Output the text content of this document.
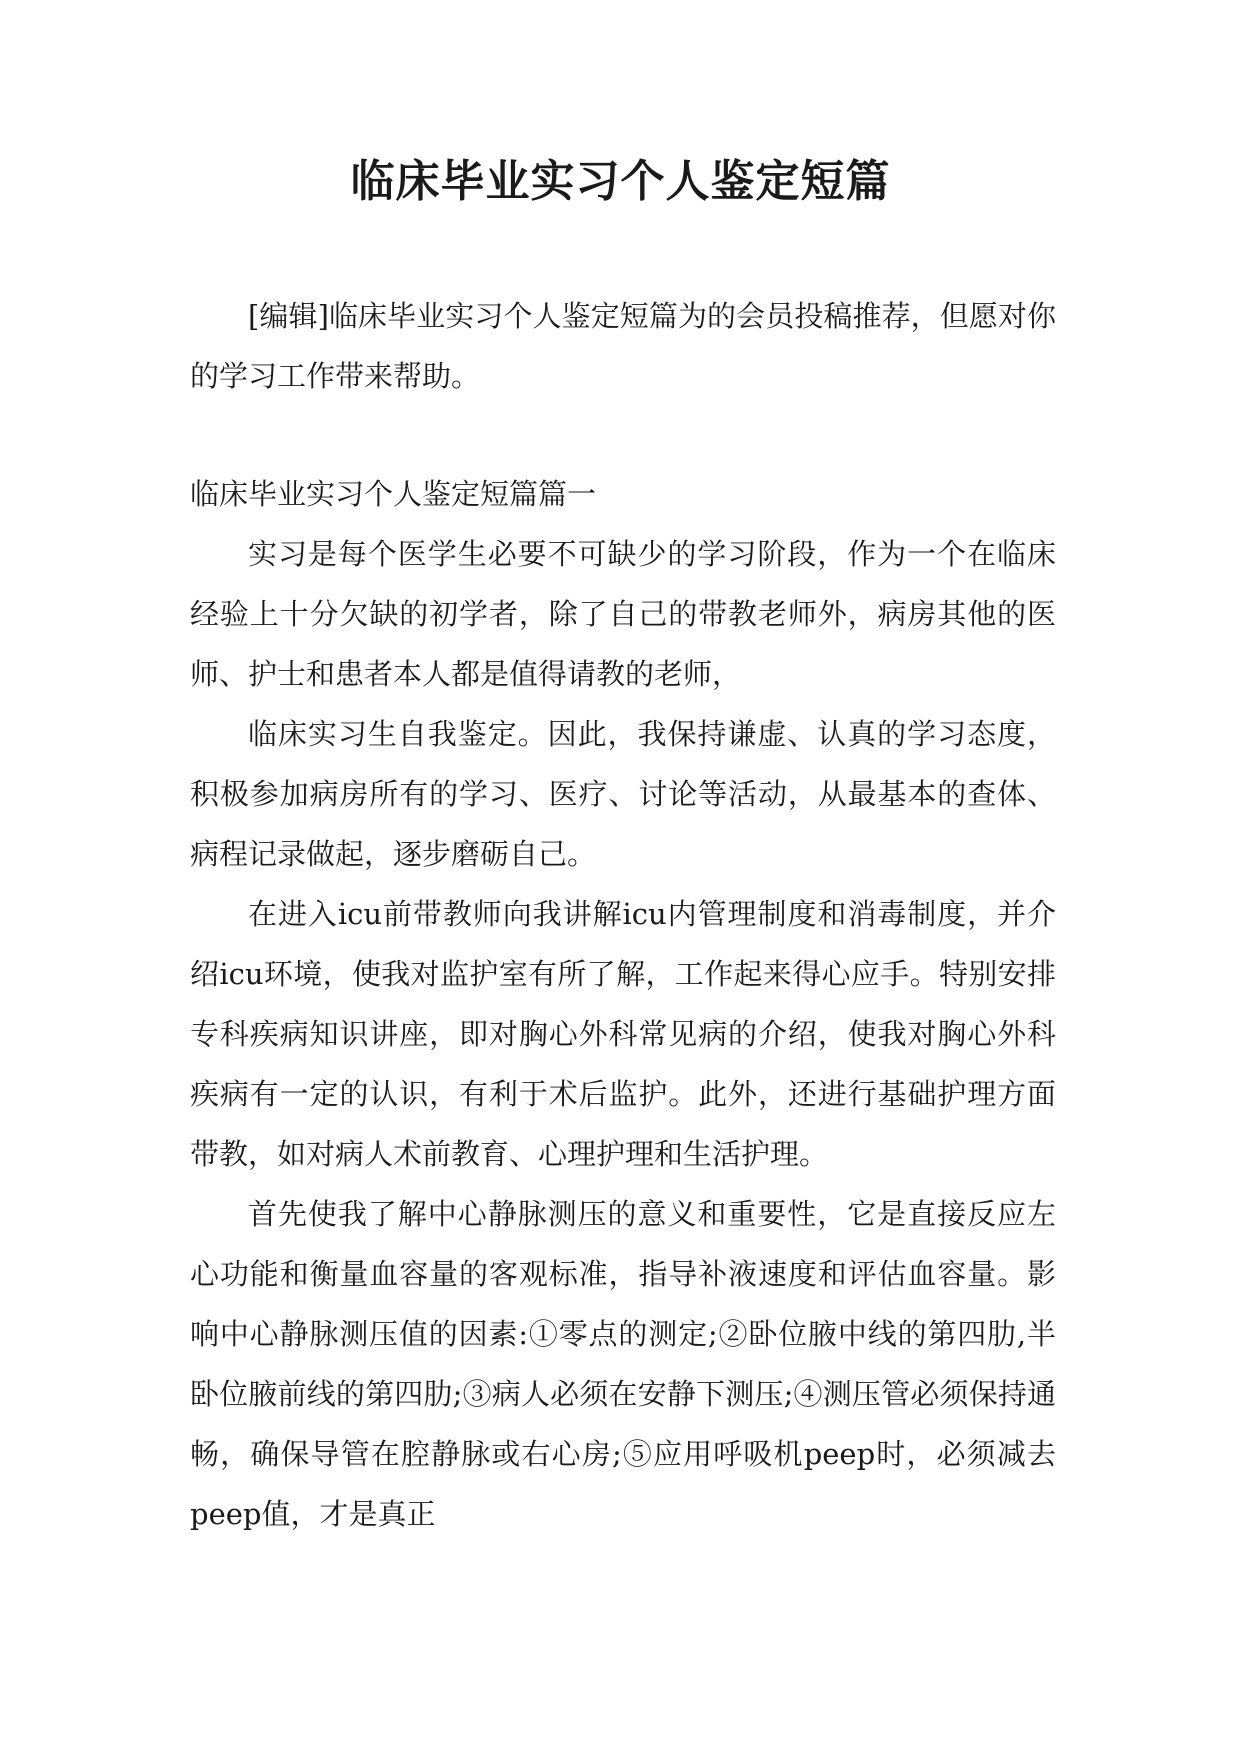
临床毕业实习个人鉴定短篇

[编辑]临床毕业实习个人鉴定短篇为的会员投稿推荐，但愿对你的学习工作带来帮助。

临床毕业实习个人鉴定短篇篇一

实习是每个医学生必要不可缺少的学习阶段，作为一个在临床经验上十分欠缺的初学者，除了自己的带教老师外，病房其他的医师、护士和患者本人都是值得请教的老师，

临床实习生自我鉴定。因此，我保持谦虚、认真的学习态度，积极参加病房所有的学习、医疗、讨论等活动，从最基本的查体、病程记录做起，逐步磨砺自己。

在进入icu前带教师向我讲解icu内管理制度和消毒制度，并介绍icu环境，使我对监护室有所了解，工作起来得心应手。特别安排专科疾病知识讲座，即对胸心外科常见病的介绍，使我对胸心外科疾病有一定的认识，有利于术后监护。此外，还进行基础护理方面带教，如对病人术前教育、心理护理和生活护理。

首先使我了解中心静脉测压的意义和重要性，它是直接反应左心功能和衡量血容量的客观标准，指导补液速度和评估血容量。影响中心静脉测压值的因素:①零点的测定;②卧位腋中线的第四肋,半卧位腋前线的第四肋;③病人必须在安静下测压;④测压管必须保持通畅，确保导管在腔静脉或右心房;⑤应用呼吸机peep时，必须减去peep值，才是真正
